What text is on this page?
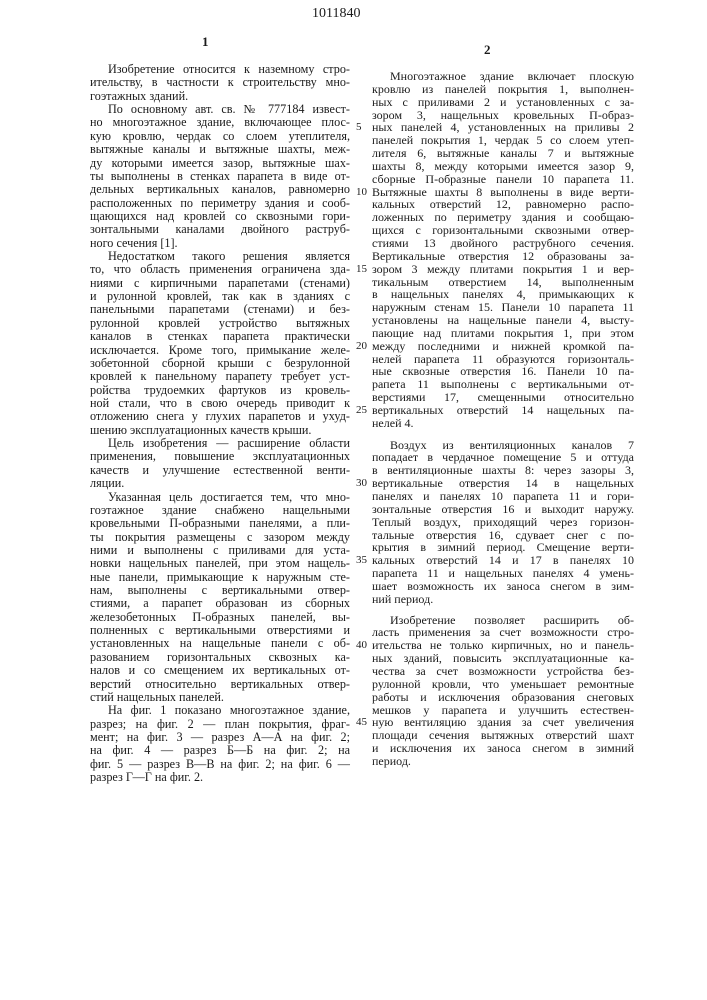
1011840
1
2
Изобретение относится к наземному стро-
ительству, в частности к строительству мно-
гоэтажных зданий.
По основному авт. св. № 777184 извест-
но многоэтажное здание, включающее плос-
кую кровлю, чердак со слоем утеплителя,
вытяжные каналы и вытяжные шахты, меж-
ду которыми имеется зазор, вытяжные шах-
ты выполнены в стенках парапета в виде от-
дельных вертикальных каналов, равномерно
расположенных по периметру здания и сооб-
щающихся над кровлей со сквозными гори-
зонтальными каналами двойного раструб-
ного сечения [1].
Недостатком такого решения является
то, что область применения ограничена зда-
ниями с кирпичными парапетами (стенами)
и рулонной кровлей, так как в зданиях с
панельными парапетами (стенами) и без-
рулонной кровлей устройство вытяжных
каналов в стенках парапета практически
исключается. Кроме того, примыкание желе-
зобетонной сборной крыши с безрулонной
кровлей к панельному парапету требует уст-
ройства трудоемких фартуков из кровель-
ной стали, что в свою очередь приводит к
отложению снега у глухих парапетов и ухуд-
шению эксплуатационных качеств крыши.
Цель изобретения — расширение области
применения, повышение эксплуатационных
качеств и улучшение естественной венти-
ляции.
Указанная цель достигается тем, что мно-
гоэтажное здание снабжено нащельными
кровельными П-образными панелями, а пли-
ты покрытия размещены с зазором между
ними и выполнены с приливами для уста-
новки нащельных панелей, при этом нащель-
ные панели, примыкающие к наружным сте-
нам, выполнены с вертикальными отвер-
стиями, а парапет образован из сборных
железобетонных П-образных панелей, вы-
полненных с вертикальными отверстиями и
установленных на нащельные панели с об-
разованием горизонтальных сквозных ка-
налов и со смещением их вертикальных от-
верстий относительно вертикальных отвер-
стий нащельных панелей.
На фиг. 1 показано многоэтажное здание,
разрез; на фиг. 2 — план покрытия, фраг-
мент; на фиг. 3 — разрез А—А на фиг. 2;
на фиг. 4 — разрез Б—Б на фиг. 2; на
фиг. 5 — разрез В—В на фиг. 2; на фиг. 6 —
разрез Г—Г на фиг. 2.
Многоэтажное здание включает плоскую
кровлю из панелей покрытия 1, выполнен-
ных с приливами 2 и установленных с за-
зором 3, нащельных кровельных П-образ-
ных панелей 4, установленных на приливы 2
5
панелей покрытия 1, чердак 5 со слоем утеп-
лителя 6, вытяжные каналы 7 и вытяжные
шахты 8, между которыми имеется зазор 9,
сборные П-образные панели 10 парапета 11.
Вытяжные шахты 8 выполнены в виде верти-
10
кальных отверстий 12, равномерно распо-
ложенных по периметру здания и сообщаю-
щихся с горизонтальными сквозными отвер-
стиями 13 двойного раструбного сечения.
Вертикальные отверстия 12 образованы за-
зором 3 между плитами покрытия 1 и вер-
15
тикальным отверстием 14, выполненным
в нащельных панелях 4, примыкающих к
наружным стенам 15. Панели 10 парапета 11
установлены на нащельные панели 4, высту-
пающие над плитами покрытия 1, при этом
между последними и нижней кромкой па-
20
нелей парапета 11 образуются горизонталь-
ные сквозные отверстия 16. Панели 10 па-
рапета 11 выполнены с вертикальными от-
верстиями 17, смещенными относительно
вертикальных отверстий 14 нащельных па-
25
нелей 4.
Воздух из вентиляционных каналов 7
попадает в чердачное помещение 5 и оттуда
в вентиляционные шахты 8: через зазоры 3,
вертикальные отверстия 14 в нащельных
30
панелях и панелях 10 парапета 11 и гори-
зонтальные отверстия 16 и выходит наружу.
Теплый воздух, приходящий через горизон-
тальные отверстия 16, сдувает снег с по-
крытия в зимний период. Смещение верти-
кальных отверстий 14 и 17 в панелях 10
35
парапета 11 и нащельных панелях 4 умень-
шает возможность их заноса снегом в зим-
ний период.
Изобретение позволяет расширить об-
ласть применения за счет возможности стро-
ительства не только кирпичных, но и панель-
40
ных зданий, повысить эксплуатационные ка-
чества за счет возможности устройства без-
рулонной кровли, что уменьшает ремонтные
работы и исключения образования снеговых
мешков у парапета и улучшить естествен-
ную вентиляцию здания за счет увеличения
45
площади сечения вытяжных отверстий шахт
и исключения их заноса снегом в зимний
период.
